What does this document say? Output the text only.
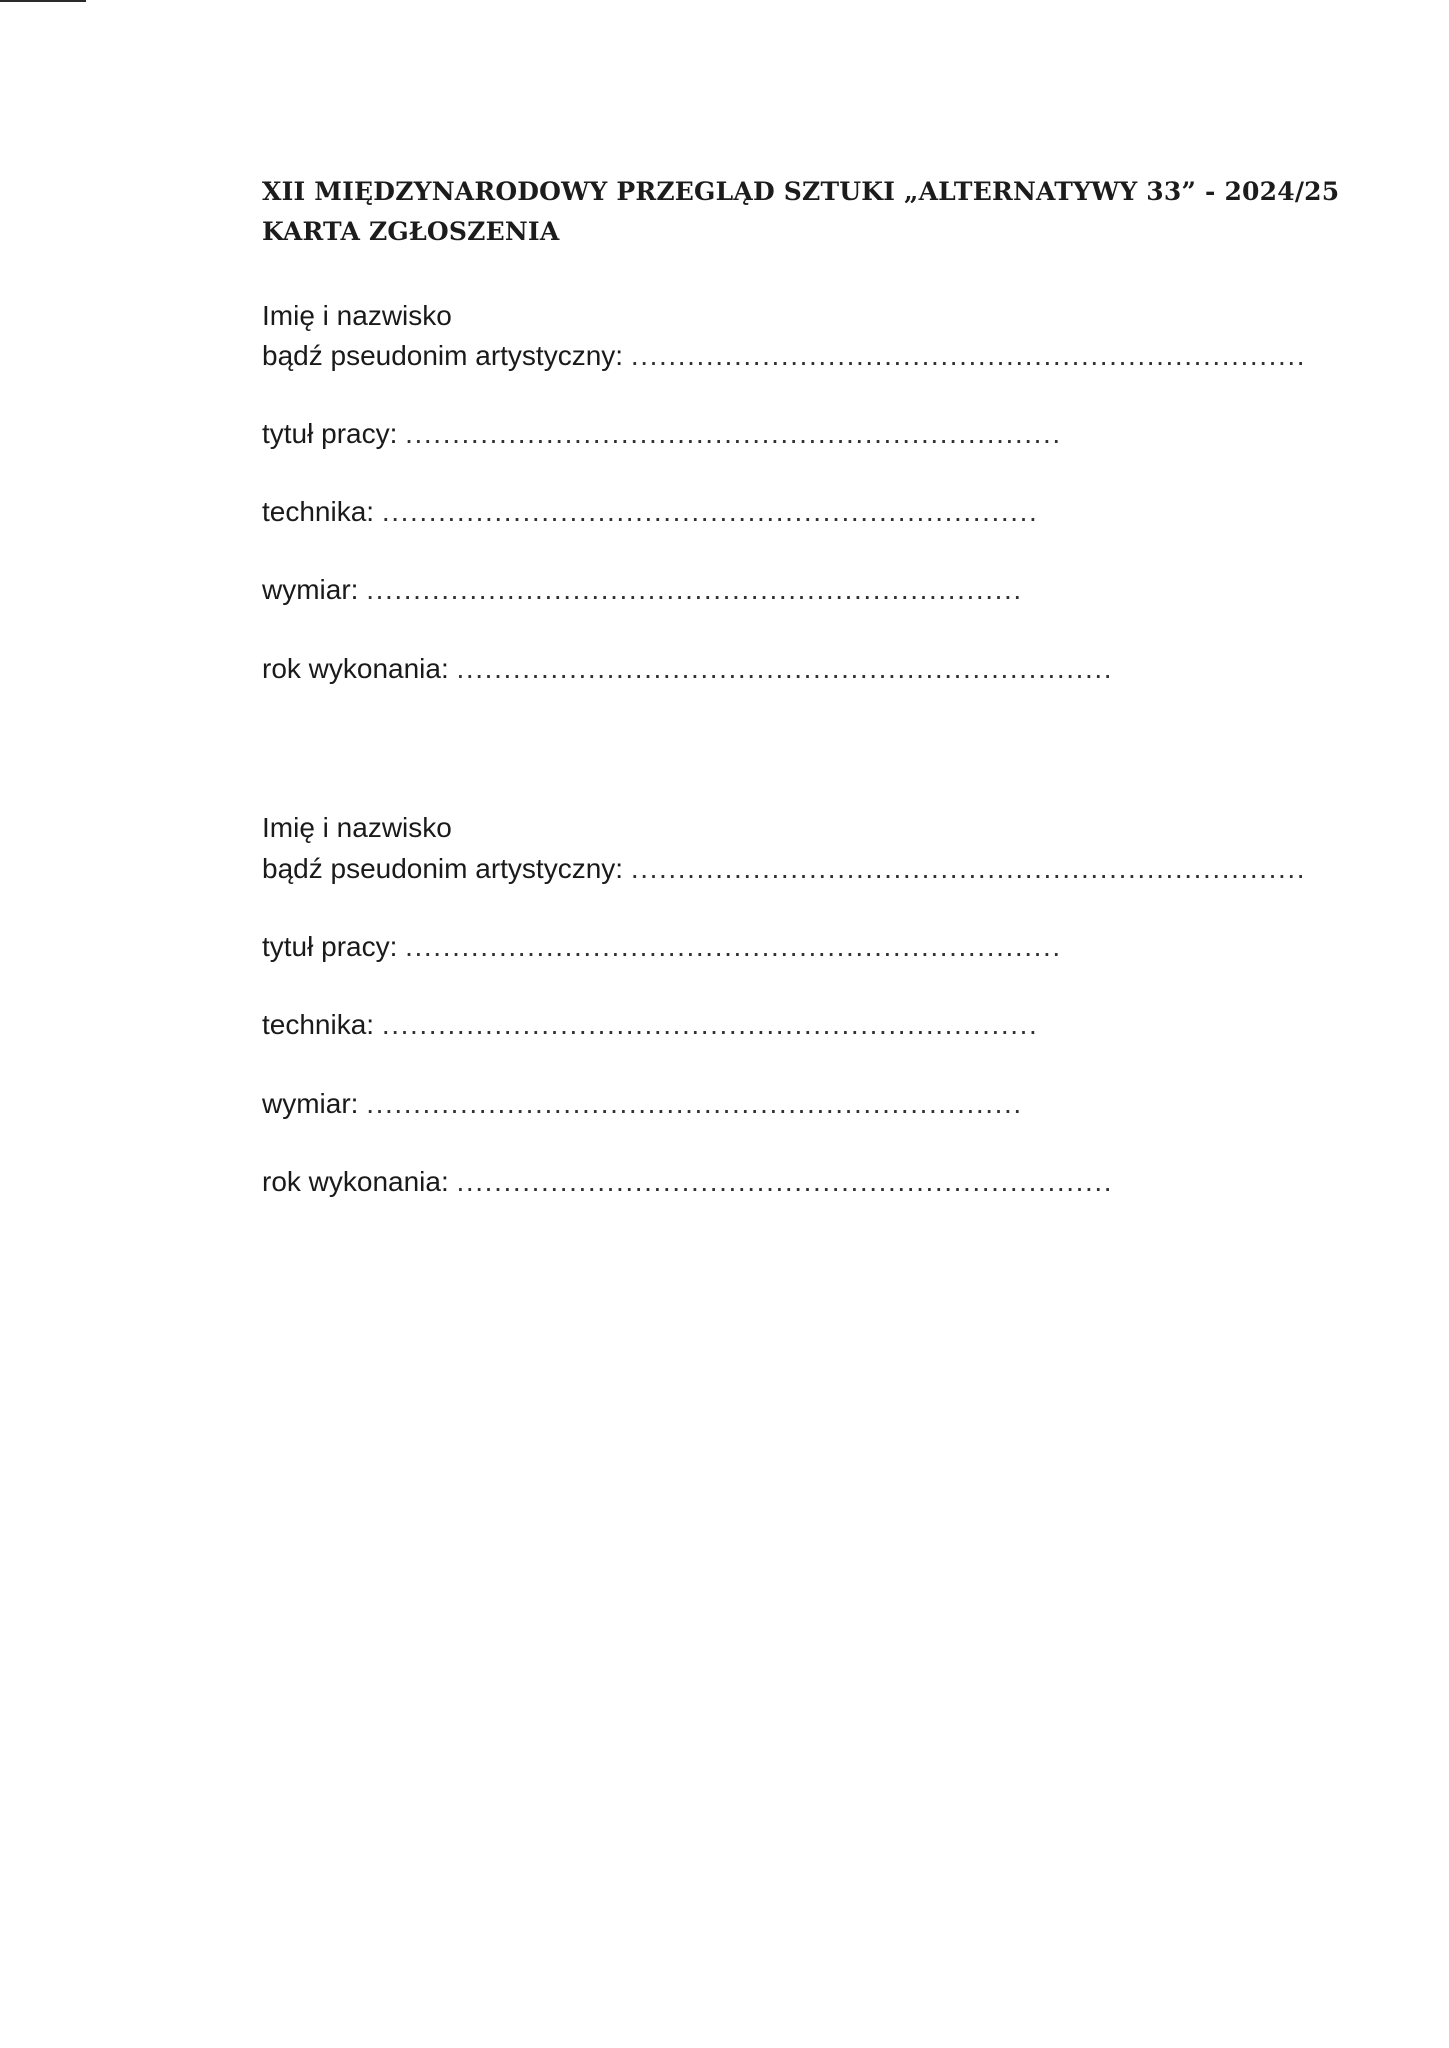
XII MIĘDZYNARODOWY PRZEGLĄD SZTUKI „ALTERNATYWY 33” - 2024/25
KARTA ZGŁOSZENIA
Imię i nazwisko
bądź pseudonim artystyczny: ........................................................................
tytuł pracy: ......................................................................
technika: ......................................................................
wymiar: ......................................................................
rok wykonania: ......................................................................
Imię i nazwisko
bądź pseudonim artystyczny: ........................................................................
tytuł pracy: ......................................................................
technika: ......................................................................
wymiar: ......................................................................
rok wykonania: ......................................................................
